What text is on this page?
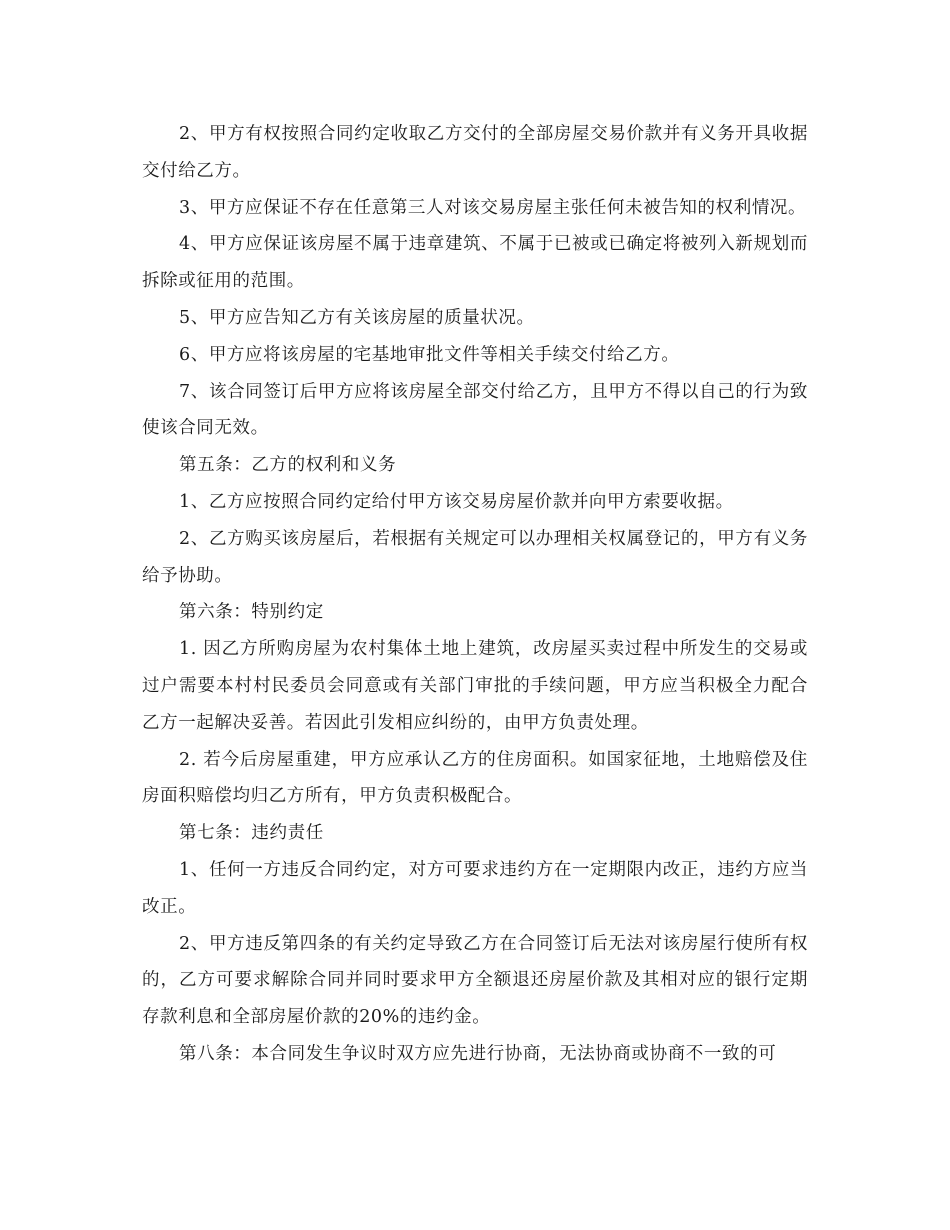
2、甲方有权按照合同约定收取乙方交付的全部房屋交易价款并有义务开具收据交付给乙方。

3、甲方应保证不存在任意第三人对该交易房屋主张任何未被告知的权利情况。

4、甲方应保证该房屋不属于违章建筑、不属于已被或已确定将被列入新规划而拆除或征用的范围。

5、甲方应告知乙方有关该房屋的质量状况。

6、甲方应将该房屋的宅基地审批文件等相关手续交付给乙方。

7、该合同签订后甲方应将该房屋全部交付给乙方，且甲方不得以自己的行为致使该合同无效。

第五条：乙方的权利和义务

1、乙方应按照合同约定给付甲方该交易房屋价款并向甲方索要收据。

2、乙方购买该房屋后，若根据有关规定可以办理相关权属登记的，甲方有义务给予协助。

第六条：特别约定

1. 因乙方所购房屋为农村集体土地上建筑，改房屋买卖过程中所发生的交易或过户需要本村村民委员会同意或有关部门审批的手续问题，甲方应当积极全力配合乙方一起解决妥善。若因此引发相应纠纷的，由甲方负责处理。

2. 若今后房屋重建，甲方应承认乙方的住房面积。如国家征地，土地赔偿及住房面积赔偿均归乙方所有，甲方负责积极配合。

第七条：违约责任

1、任何一方违反合同约定，对方可要求违约方在一定期限内改正，违约方应当改正。

2、甲方违反第四条的有关约定导致乙方在合同签订后无法对该房屋行使所有权的，乙方可要求解除合同并同时要求甲方全额退还房屋价款及其相对应的银行定期存款利息和全部房屋价款的20%的违约金。

第八条：本合同发生争议时双方应先进行协商，无法协商或协商不一致的可
